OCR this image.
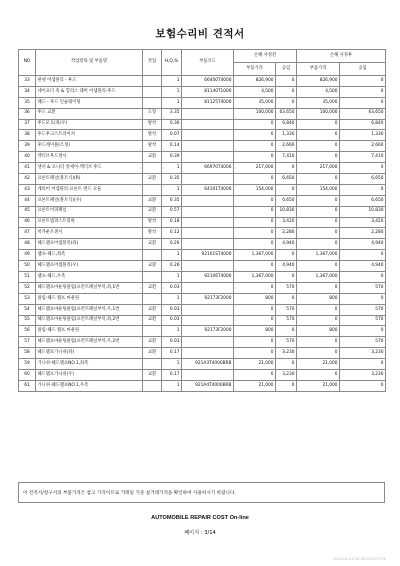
보험수리비 견적서
NO	작업항목 및 부품명	작업	H,Q,%	부품코드	손해 사정전		손해 사정후	
					부품가격	공임	부품가격	공임
33	판넬 어셈블리 - 후드		1	66400T4000	826,900	0	826,900	0
34	세이프티 훅 & 힐리스 레버 어셈블리-후드		1	81140T1000	4,500	0	4,500	0
35	패드 - 후드 인슐레이팅		1	81125T4000	35,000	0	35,000	0
36	후드 교환	도장	3.35		100,000	63,650	100,000	63,650
37	후드모으(좌/우)	탈착	0.36		0	6,840	0	6,840
38	후드후크스트라이커	탈착	0.07		0	1,330	0	1,330
39	후드케이블(조정)	탈착	0.14		0	2,660	0	2,660
40	엑티브후드센서	교환	0.39		0	7,410	0	7,410
41	센서 & 모니터 앗세이-액티브 후드		1	66970T4000	217,000	0	217,000	0
42	프론트패널(볼트식)(R)	교환	0.35		0	6,650	0	6,650
43	캐리어 어셈블리-프론트 엔드 모듈		1	64101T4000	154,000	0	154,000	0
44	프론트패널(볼트식)(우)	교환	0.35		0	6,650	0	6,650
45	프론트어퍼패널	교환	0.57		0	10,830	0	10,830
46	프론트범퍼스트럿바	탈착	0.18		0	3,420	0	3,420
47	히카운트센서	탈착	0.12		0	2,280	0	2,280
48	헤드램프어셈블리(좌)	교환	0.26		0	4,940	0	4,940
49	램프-헤드,좌측		1	92101ST4000	1,367,000	0	1,367,000	0
50	헤드램프어셈블리(우)	교환	0.26		0	4,940	0	4,940
51	램프-헤드,우측		1	92106T4000	1,367,000	0	1,367,000	0
52	헤드램프마운팅클립(프런트패널부착,좌,1번	교환	0.03		0	570	0	570
53	클립-헤드 램프 마운팅		1	92173F2000	800	0	800	0
54	헤드램프마운팅클립(프런트패널부착,우,1번	교환	0.03		0	570	0	570
55	헤드램프마운팅클립(프런트패널부착,좌,2번	교환	0.03		0	570	0	570
56	클립-헤드 램프 마운팅		1	92173F2000	800	0	800	0
57	헤드램프마운팅클립(프런트패널부착,우,2번	교환	0.03		0	570	0	570
58	헤드램프가니쉬(좌)	교환	0.17		0	3,230	0	3,230
59	가니쉬-헤드램프NO.1,좌측		1	921A3T4000BRB	21,000	0	21,000	0
60	헤드램프가니쉬(우)	교환	0.17		0	3,230	0	3,230
61	가니쉬-헤드램프NO.1,우측		1	921A4T4000BRB	21,000	0	21,000	0
이 견적서/청구서의 부품가격은 참고 가격이므로 거래일 기준 실거래가격을 확인하여 사용하시기 바랍니다.
AUTOMOBILE REPAIR COST On-line
페이지 : 3/14
2024-01-15 10:28:04 871732
